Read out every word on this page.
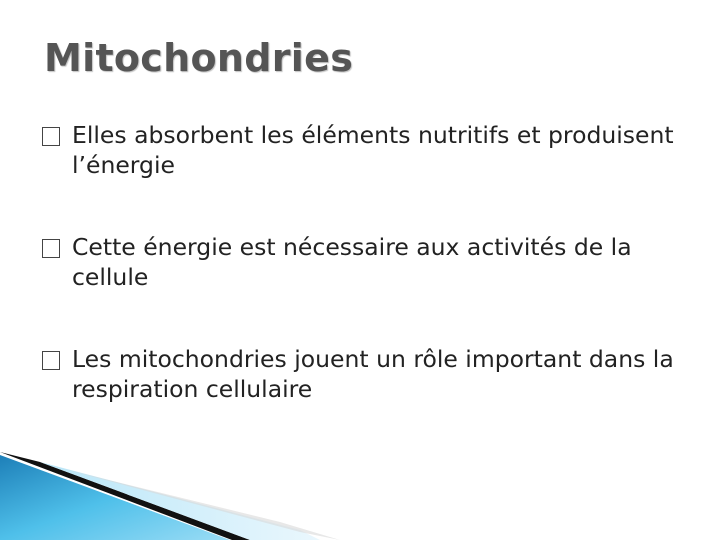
Mitochondries
Elles absorbent les éléments nutritifs et produisent l’énergie
Cette énergie est nécessaire aux activités de la cellule
Les mitochondries jouent un rôle important dans la respiration cellulaire
